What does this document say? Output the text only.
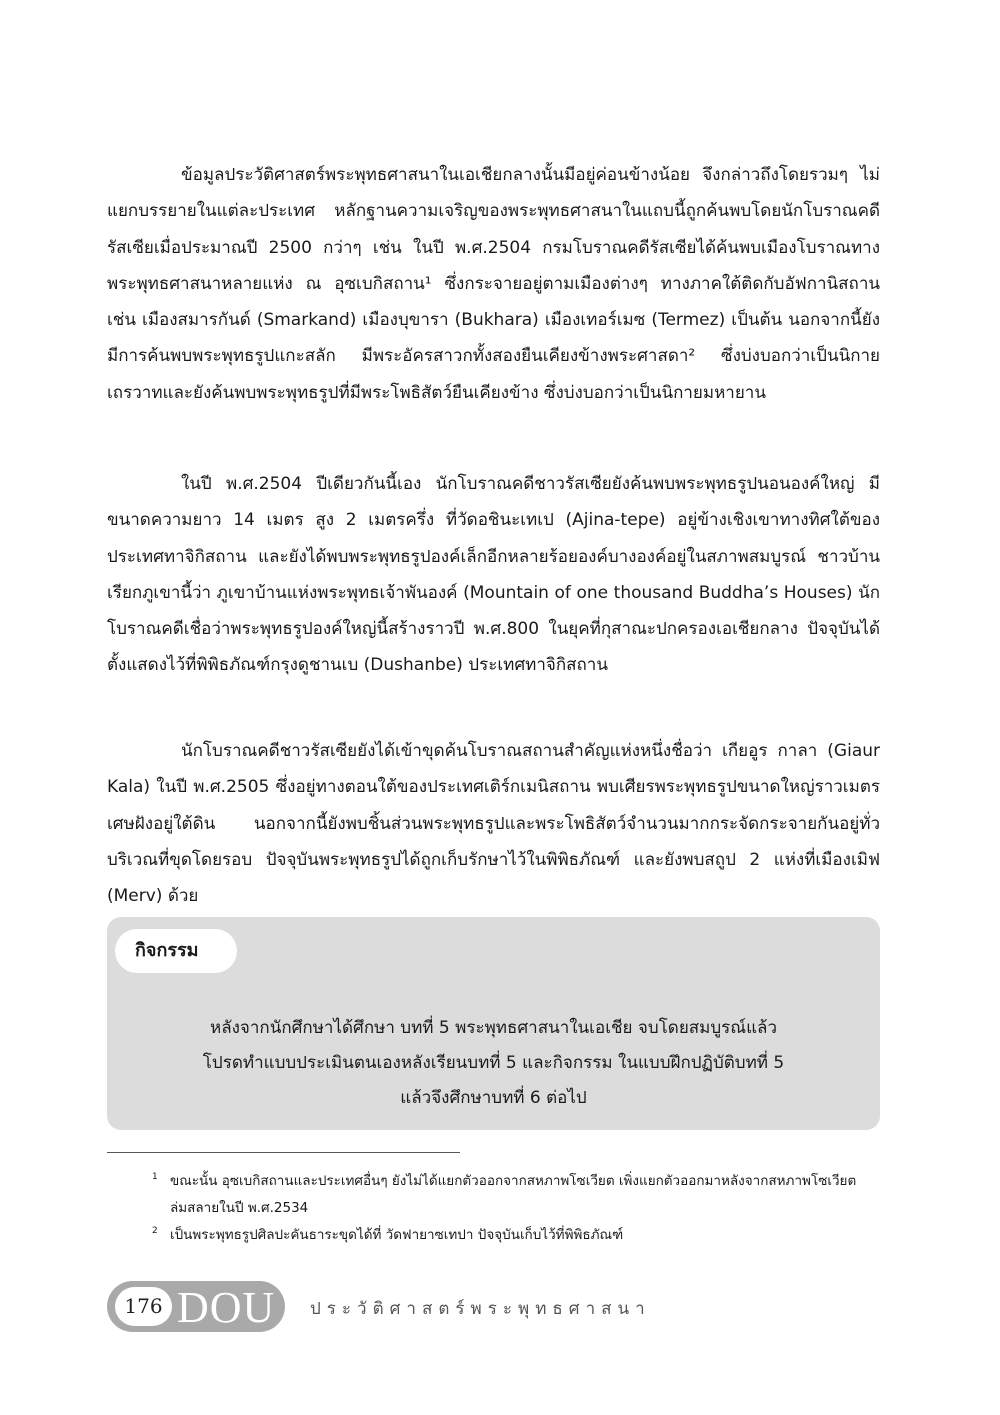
ข้อมูลประวัติศาสตร์พระพุทธศาสนาในเอเชียกลางนั้นมีอยู่ค่อนข้างน้อย จึงกล่าวถึงโดยรวมๆ ไม่แยกบรรยายในแต่ละประเทศ หลักฐานความเจริญของพระพุทธศาสนาในแถบนี้ถูกค้นพบโดยนักโบราณคดีรัสเซียเมื่อประมาณปี 2500 กว่าๆ เช่น ในปี พ.ศ.2504 กรมโบราณคดีรัสเซียได้ค้นพบเมืองโบราณทางพระพุทธศาสนาหลายแห่ง ณ อุซเบกิสถาน¹ ซึ่งกระจายอยู่ตามเมืองต่างๆ ทางภาคใต้ติดกับอัฟกานิสถาน เช่น เมืองสมารกันด์ (Smarkand) เมืองบุขารา (Bukhara) เมืองเทอร์เมซ (Termez) เป็นต้น นอกจากนี้ยังมีการค้นพบพระพุทธรูปแกะสลัก มีพระอัครสาวกทั้งสองยืนเคียงข้างพระศาสดา² ซึ่งบ่งบอกว่าเป็นนิกายเถรวาทและยังค้นพบพระพุทธรูปที่มีพระโพธิสัตว์ยืนเคียงข้าง ซึ่งบ่งบอกว่าเป็นนิกายมหายาน

ในปี พ.ศ.2504 ปีเดียวกันนี้เอง นักโบราณคดีชาวรัสเซียยังค้นพบพระพุทธรูปนอนองค์ใหญ่ มีขนาดความยาว 14 เมตร สูง 2 เมตรครึ่ง ที่วัดอชินะเทเป (Ajina-tepe) อยู่ข้างเชิงเขาทางทิศใต้ของประเทศทาจิกิสถาน และยังได้พบพระพุทธรูปองค์เล็กอีกหลายร้อยองค์บางองค์อยู่ในสภาพสมบูรณ์ ชาวบ้านเรียกภูเขานี้ว่า ภูเขาบ้านแห่งพระพุทธเจ้าพันองค์ (Mountain of one thousand Buddha’s Houses) นักโบราณคดีเชื่อว่าพระพุทธรูปองค์ใหญ่นี้สร้างราวปี พ.ศ.800 ในยุคที่กุสาณะปกครองเอเชียกลาง ปัจจุบันได้ตั้งแสดงไว้ที่พิพิธภัณฑ์กรุงดูชานเบ (Dushanbe) ประเทศทาจิกิสถาน

นักโบราณคดีชาวรัสเซียยังได้เข้าขุดค้นโบราณสถานสำคัญแห่งหนึ่งชื่อว่า เกียอูร กาลา (Giaur Kala) ในปี พ.ศ.2505 ซึ่งอยู่ทางตอนใต้ของประเทศเติร์กเมนิสถาน พบเศียรพระพุทธรูปขนาดใหญ่ราวเมตรเศษฝังอยู่ใต้ดิน นอกจากนี้ยังพบชิ้นส่วนพระพุทธรูปและพระโพธิสัตว์จำนวนมากกระจัดกระจายกันอยู่ทั่วบริเวณที่ขุดโดยรอบ ปัจจุบันพระพุทธรูปได้ถูกเก็บรักษาไว้ในพิพิธภัณฑ์ และยังพบสถูป 2 แห่งที่เมืองเมิฟ (Merv) ด้วย

กิจกรรม
หลังจากนักศึกษาได้ศึกษา บทที่ 5 พระพุทธศาสนาในเอเชีย จบโดยสมบูรณ์แล้ว
โปรดทำแบบประเมินตนเองหลังเรียนบทที่ 5 และกิจกรรม ในแบบฝึกปฏิบัติบทที่ 5
แล้วจึงศึกษาบทที่ 6 ต่อไป
1 ขณะนั้น อุซเบกิสถานและประเทศอื่นๆ ยังไม่ได้แยกตัวออกจากสหภาพโซเวียต เพิ่งแยกตัวออกมาหลังจากสหภาพโซเวียตล่มสลายในปี พ.ศ.2534
2 เป็นพระพุทธรูปศิลปะคันธาระขุดได้ที่ วัดฟายาซเทปา ปัจจุบันเก็บไว้ที่พิพิธภัณฑ์
176 DOU ประวัติศาสตร์พระพุทธศาสนา
